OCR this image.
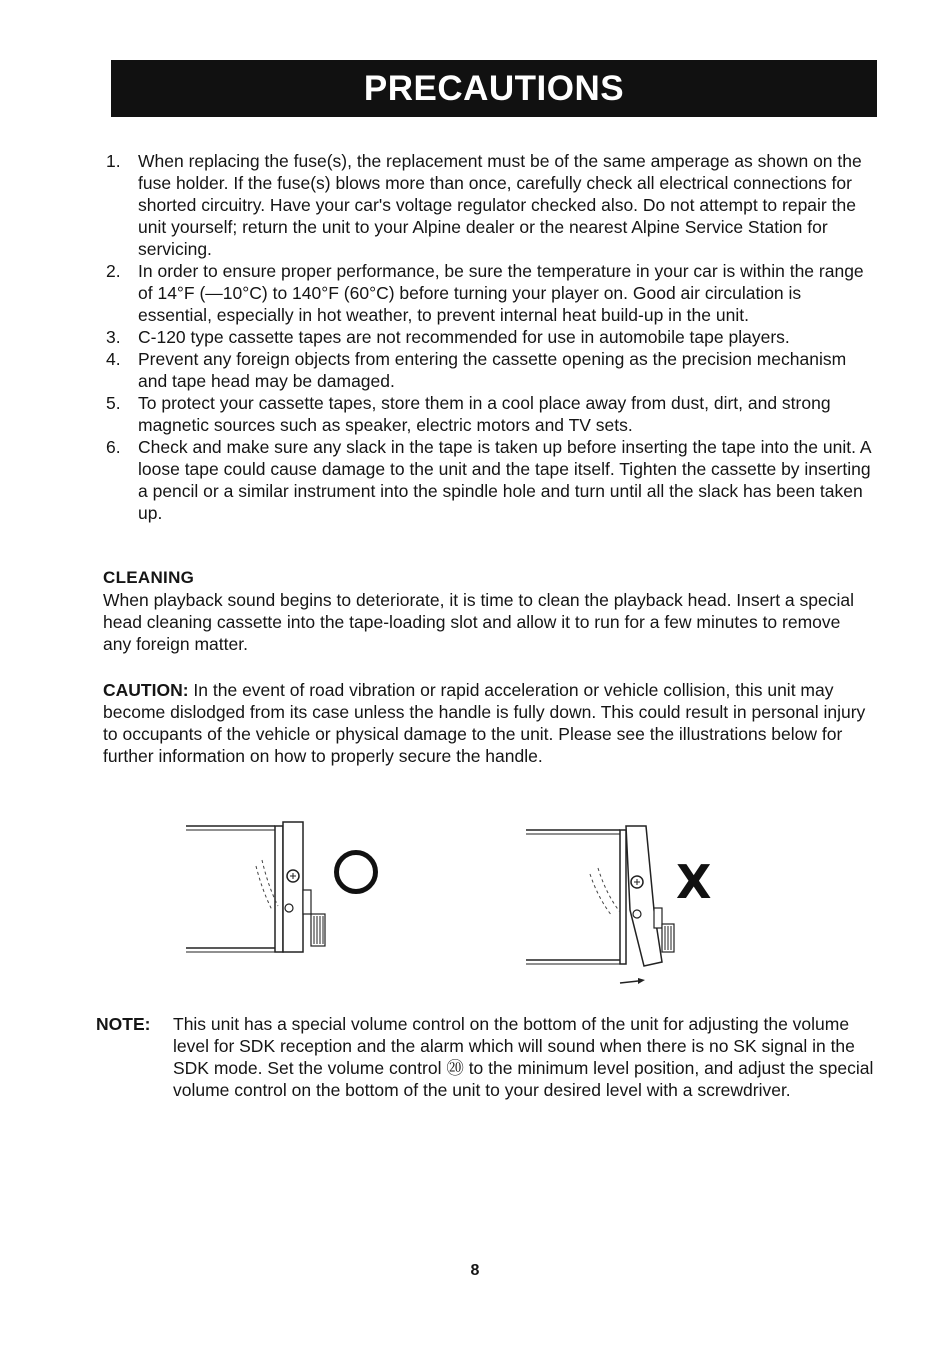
PRECAUTIONS
1. When replacing the fuse(s), the replacement must be of the same amperage as shown on the fuse holder. If the fuse(s) blows more than once, carefully check all electrical connections for shorted circuitry. Have your car's voltage regulator checked also. Do not attempt to repair the unit yourself; return the unit to your Alpine dealer or the nearest Alpine Service Station for servicing.
2. In order to ensure proper performance, be sure the temperature in your car is within the range of 14°F (—10°C) to 140°F (60°C) before turning your player on. Good air circulation is essential, especially in hot weather, to prevent internal heat build-up in the unit.
3. C-120 type cassette tapes are not recommended for use in automobile tape players.
4. Prevent any foreign objects from entering the cassette opening as the precision mechanism and tape head may be damaged.
5. To protect your cassette tapes, store them in a cool place away from dust, dirt, and strong magnetic sources such as speaker, electric motors and TV sets.
6. Check and make sure any slack in the tape is taken up before inserting the tape into the unit. A loose tape could cause damage to the unit and the tape itself. Tighten the cassette by inserting a pencil or a similar instrument into the spindle hole and turn until all the slack has been taken up.
CLEANING
When playback sound begins to deteriorate, it is time to clean the playback head. Insert a special head cleaning cassette into the tape-loading slot and allow it to run for a few minutes to remove any foreign matter.
CAUTION: In the event of road vibration or rapid acceleration or vehicle collision, this unit may become dislodged from its case unless the handle is fully down. This could result in personal injury to occupants of the vehicle or physical damage to the unit. Please see the illustrations below for further information on how to properly secure the handle.
X
NOTE:	This unit has a special volume control on the bottom of the unit for adjusting the volume level for SDK reception and the alarm which will sound when there is no SK signal in the SDK mode. Set the volume control ⑳ to the minimum level position, and adjust the special volume control on the bottom of the unit to your desired level with a screwdriver.
8
